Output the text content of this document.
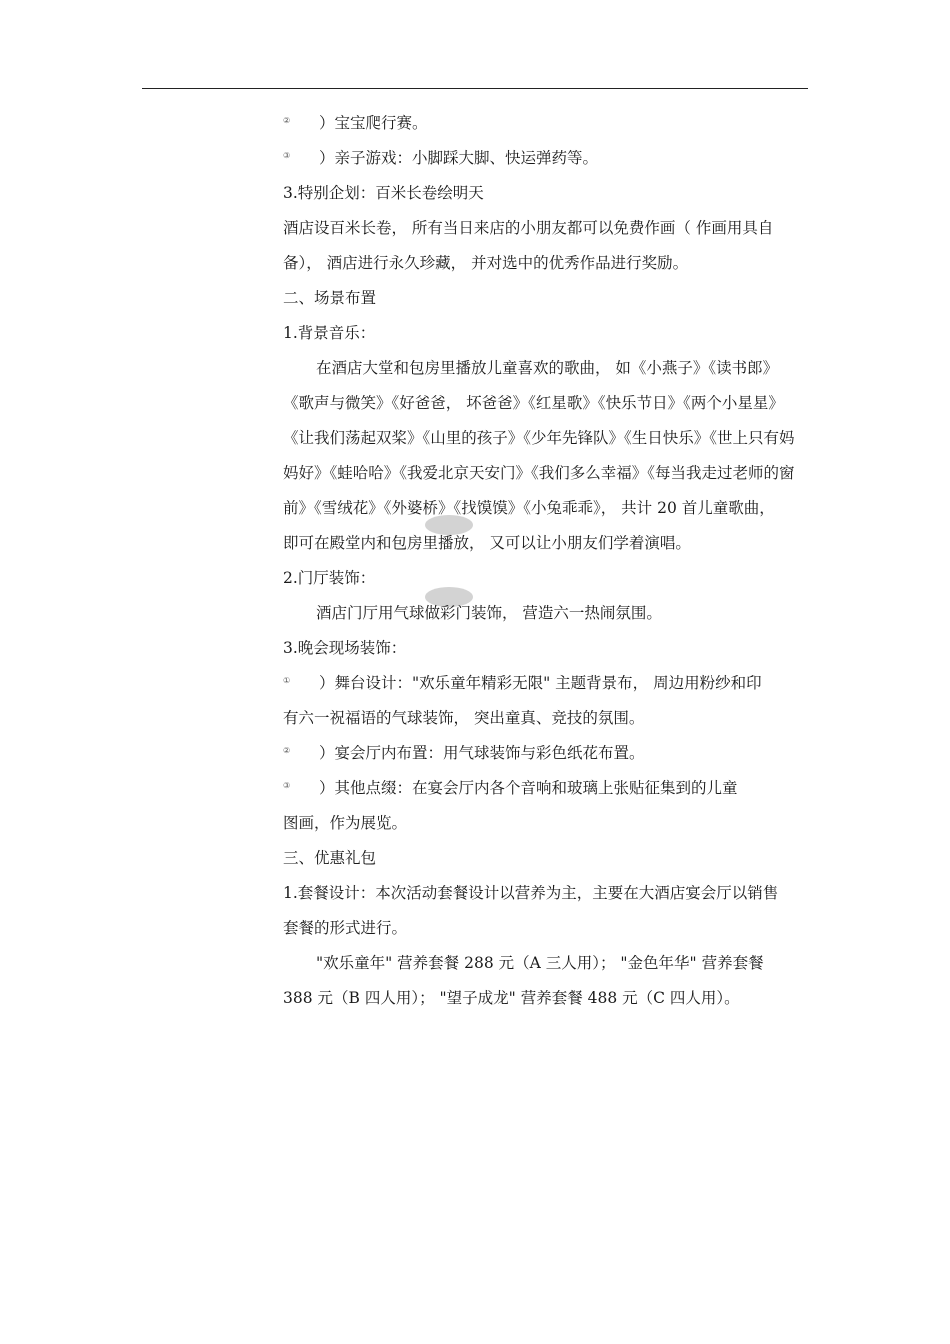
② ）宝宝爬行赛。
③ ）亲子游戏：小脚踩大脚、快运弹药等。
3.特别企划：百米长卷绘明天
酒店设百米长卷， 所有当日来店的小朋友都可以免费作画（ 作画用具自
备）， 酒店进行永久珍藏， 并对选中的优秀作品进行奖励。
二、场景布置
1.背景音乐：
在酒店大堂和包房里播放儿童喜欢的歌曲， 如《小燕子》《读书郎》
《歌声与微笑》《好爸爸， 坏爸爸》《红星歌》《快乐节日》《两个小星星》
《让我们荡起双桨》《山里的孩子》《少年先锋队》《生日快乐》《世上只有妈
妈好》《蛙哈哈》《我爱北京天安门》《我们多么幸福》《每当我走过老师的窗
前》《雪绒花》《外婆桥》《找馍馍》《小兔乖乖》， 共计 20 首儿童歌曲，
即可在殿堂内和包房里播放， 又可以让小朋友们学着演唱。
2.门厅装饰：
酒店门厅用气球做彩门装饰， 营造六一热闹氛围。
3.晚会现场装饰：
① ）舞台设计："欢乐童年精彩无限" 主题背景布， 周边用粉纱和印
有六一祝福语的气球装饰， 突出童真、竞技的氛围。
② ）宴会厅内布置：用气球装饰与彩色纸花布置。
③ ）其他点缀：在宴会厅内各个音响和玻璃上张贴征集到的儿童
图画，作为展览。
三、优惠礼包
1.套餐设计：本次活动套餐设计以营养为主，主要在大酒店宴会厅以销售
套餐的形式进行。
"欢乐童年" 营养套餐 288 元（A 三人用）； "金色年华" 营养套餐
388 元（B 四人用）； "望子成龙" 营养套餐 488 元（C 四人用）。
